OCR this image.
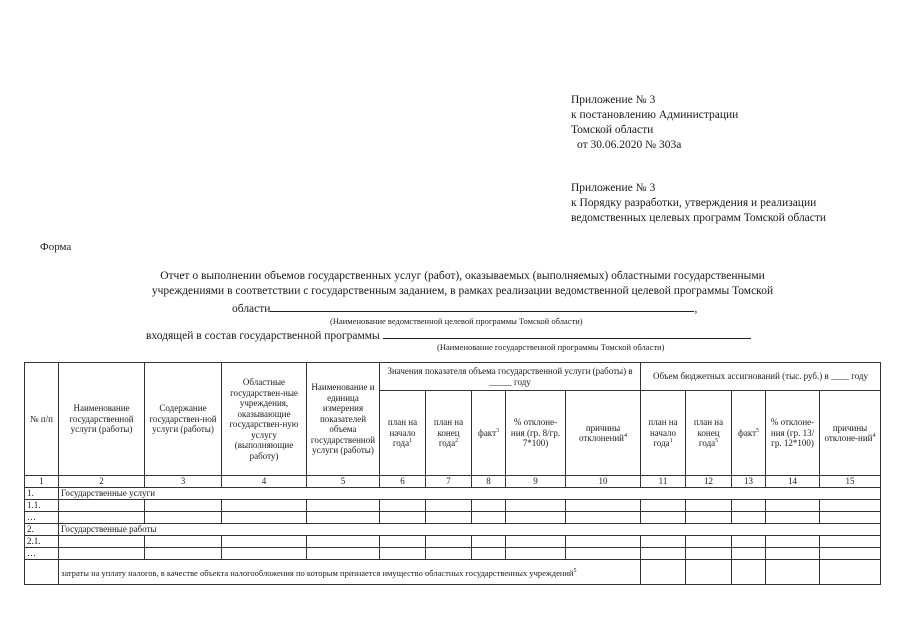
Приложение № 3
к постановлению Администрации
Томской области
от 30.06.2020 № 303а
Приложение № 3
к Порядку разработки, утверждения и реализации
ведомственных целевых программ Томской области
Форма
Отчет о выполнении объемов государственных услуг (работ), оказываемых (выполняемых) областными государственными
учреждениями в соответствии с государственным заданием, в рамках реализации ведомственной целевой программы Томской
области	,
(Наименование ведомственной целевой программы Томской области)
входящей в состав государственной программы
(Наименование государственной программы Томской области)
№ п/п	Наименование государственной услуги (работы)	Содержание государствен-ной услуги (работы)	Областные государствен-ные учреждения, оказывающие государствен-ную услугу (выполняющие работу)	Наименование и единица измерения показателей объема государственной услуги (работы)	Значения показателя объема государственной услуги (работы) в _____ году					Объем бюджетных ассигнований (тыс. руб.) в ____ году				
					план на начало года$^1$	план на конец года$^2$	факт$^3$	% отклоне-ния (гр. 8/гр. 7*100)	причины отклонений$^4$	план на начало года$^1$	план на конец года$^5$	факт$^5$	% отклоне-ния (гр. 13/гр. 12*100)	причины отклоне-ний$^4$
1	2	3	4	5	6	7	8	9	10	11	12	13	14	15
1.	Государственные услуги													
1.1.														
…														
2.	Государственные работы													
2.1.														
…														
	затраты на уплату налогов, в качестве объекта налогообложения по которым признается имущество областных государственных учреждений$^5$					
